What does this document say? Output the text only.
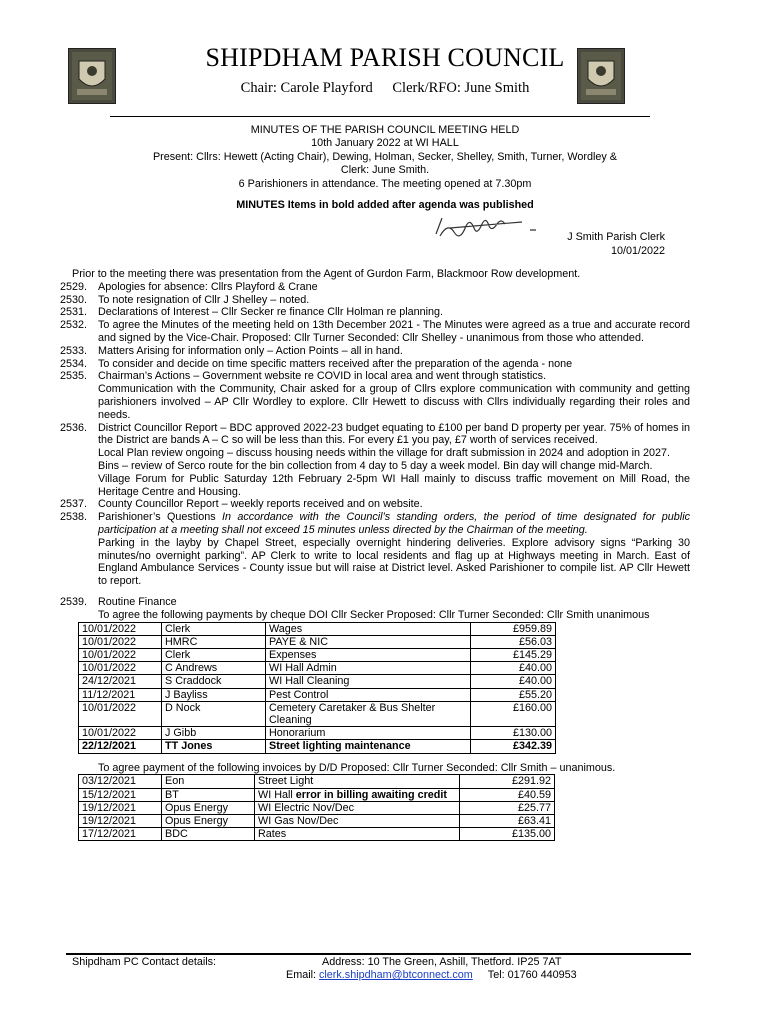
SHIPDHAM PARISH COUNCIL
Chair: Carole Playford Clerk/RFO: June Smith
MINUTES OF THE PARISH COUNCIL MEETING HELD
10th January 2022 at WI HALL
Present: Cllrs: Hewett (Acting Chair), Dewing, Holman, Secker, Shelley, Smith, Turner, Wordley &
Clerk: June Smith.
6 Parishioners in attendance. The meeting opened at 7.30pm
MINUTES Items in bold added after agenda was published
J Smith Parish Clerk
10/01/2022
Prior to the meeting there was presentation from the Agent of Gurdon Farm, Blackmoor Row development.
2529.	Apologies for absence: Cllrs Playford & Crane
2530.	To note resignation of Cllr J Shelley – noted.
2531.	Declarations of Interest – Cllr Secker re finance Cllr Holman re planning.
2532.	To agree the Minutes of the meeting held on 13th December 2021 - The Minutes were agreed as a true and accurate record and signed by the Vice-Chair. Proposed: Cllr Turner Seconded: Cllr Shelley - unanimous from those who attended.
2533.	Matters Arising for information only – Action Points – all in hand.
2534.	To consider and decide on time specific matters received after the preparation of the agenda - none
2535.	Chairman’s Actions – Government website re COVID in local area and went through statistics.
Communication with the Community, Chair asked for a group of Cllrs explore communication with community and getting parishioners involved – AP Cllr Wordley to explore. Cllr Hewett to discuss with Cllrs individually regarding their roles and needs.
2536.	District Councillor Report – BDC approved 2022-23 budget equating to £100 per band D property per year. 75% of homes in the District are bands A – C so will be less than this. For every £1 you pay, £7 worth of services received.
Local Plan review ongoing – discuss housing needs within the village for draft submission in 2024 and adoption in 2027.
Bins – review of Serco route for the bin collection from 4 day to 5 day a week model. Bin day will change mid-March.
Village Forum for Public Saturday 12th February 2-5pm WI Hall mainly to discuss traffic movement on Mill Road, the Heritage Centre and Housing.
2537.	County Councillor Report – weekly reports received and on website.
2538.	Parishioner’s Questions In accordance with the Council’s standing orders, the period of time designated for public participation at a meeting shall not exceed 15 minutes unless directed by the Chairman of the meeting.

Parking in the layby by Chapel Street, especially overnight hindering deliveries. Explore advisory signs “Parking 30 minutes/no overnight parking”. AP Clerk to write to local residents and flag up at Highways meeting in March. East of England Ambulance Services - County issue but will raise at District level. Asked Parishioner to compile list. AP Cllr Hewett to report.

2539.	Routine Finance

To agree the following payments by cheque DOI Cllr Secker Proposed: Cllr Turner Seconded: Cllr Smith unanimous

10/01/2022	Clerk	Wages	£959.89
10/01/2022	HMRC	PAYE & NIC	£56.03
10/01/2022	Clerk	Expenses	£145.29
10/01/2022	C Andrews	WI Hall Admin	£40.00
24/12/2021	S Craddock	WI Hall Cleaning	£40.00
11/12/2021	J Bayliss	Pest Control	£55.20
10/01/2022	D Nock	Cemetery Caretaker & Bus Shelter Cleaning	£160.00
10/01/2022	J Gibb	Honorarium	£130.00
22/12/2021	TT Jones	Street lighting maintenance	£342.39
To agree payment of the following invoices by D/D Proposed: Cllr Turner Seconded: Cllr Smith – unanimous.
03/12/2021	Eon	Street Light	£291.92
15/12/2021	BT	WI Hall error in billing awaiting credit	£40.59
19/12/2021	Opus Energy	WI Electric Nov/Dec	£25.77
19/12/2021	Opus Energy	WI Gas Nov/Dec	£63.41
17/12/2021	BDC	Rates	£135.00
Shipdham PC Contact details:	Address: 10 The Green, Ashill, Thetford. IP25 7AT
Email: clerk.shipdham@btconnect.com Tel: 01760 440953
